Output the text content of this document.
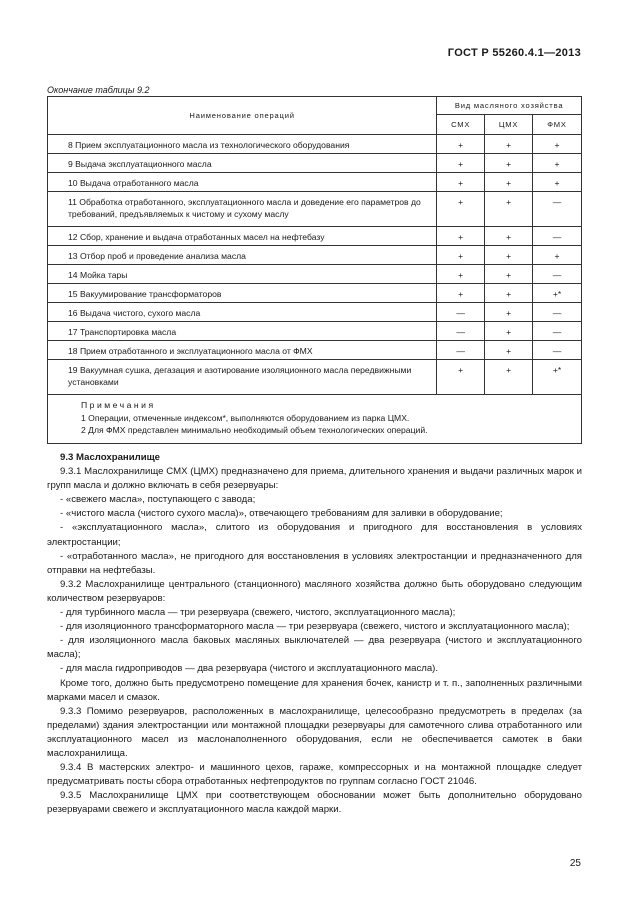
ГОСТ Р 55260.4.1—2013
Окончание таблицы 9.2
Наименование операций	Вид масляного хозяйства		
	СМХ	ЦМХ	ФМХ
8 Прием эксплуатационного масла из технологического оборудования	+	+	+
9 Выдача эксплуатационного масла	+	+	+
10 Выдача отработанного масла	+	+	+
11 Обработка отработанного, эксплуатационного масла и доведение его параметров до требований, предъявляемых к чистому и сухому маслу	+	+	—
12 Сбор, хранение и выдача отработанных масел на нефтебазу	+	+	—
13 Отбор проб и проведение анализа масла	+	+	+
14 Мойка тары	+	+	—
15 Вакуумирование трансформаторов	+	+	+*
16 Выдача чистого, сухого масла	—	+	—
17 Транспортировка масла	—	+	—
18 Прием отработанного и эксплуатационного масла от ФМХ	—	+	—
19 Вакуумная сушка, дегазация и азотирование изоляционного масла передвижными установками	+	+	+*

Примечания
1 Операции, отмеченные индексом*, выполняются оборудованием из парка ЦМХ.
2 Для ФМХ представлен минимально необходимый объем технологических операций.			

9.3 Маслохранилище

9.3.1 Маслохранилище СМХ (ЦМХ) предназначено для приема, длительного хранения и выдачи различных марок и групп масла и должно включать в себя резервуары:

- «свежего масла», поступающего с завода;

- «чистого масла (чистого сухого масла)», отвечающего требованиям для заливки в оборудование;

- «эксплуатационного масла», слитого из оборудования и пригодного для восстановления в условиях электростанции;

- «отработанного масла», не пригодного для восстановления в условиях электростанции и предназначенного для отправки на нефтебазы.

9.3.2 Маслохранилище центрального (станционного) масляного хозяйства должно быть оборудовано следующим количеством резервуаров:

- для турбинного масла — три резервуара (свежего, чистого, эксплуатационного масла);

- для изоляционного трансформаторного масла — три резервуара (свежего, чистого и эксплуатационного масла);

- для изоляционного масла баковых масляных выключателей — два резервуара (чистого и эксплуатационного масла);

- для масла гидроприводов — два резервуара (чистого и эксплуатационного масла).

Кроме того, должно быть предусмотрено помещение для хранения бочек, канистр и т. п., заполненных различными марками масел и смазок.

9.3.3 Помимо резервуаров, расположенных в маслохранилище, целесообразно предусмотреть в пределах (за пределами) здания электростанции или монтажной площадки резервуары для самотечного слива отработанного или эксплуатационного масел из маслонаполненного оборудования, если не обеспечивается самотек в баки маслохранилища.

9.3.4 В мастерских электро- и машинного цехов, гараже, компрессорных и на монтажной площадке следует предусматривать посты сбора отработанных нефтепродуктов по группам согласно ГОСТ 21046.

9.3.5 Маслохранилище ЦМХ при соответствующем обосновании может быть дополнительно оборудовано резервуарами свежего и эксплуатационного масла каждой марки.

25
